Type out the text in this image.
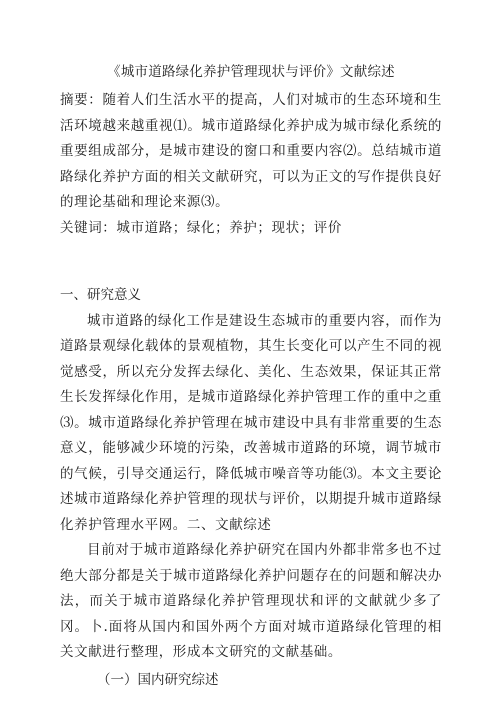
《城市道路绿化养护管理现状与评价》文献综述

摘要：随着人们生活水平的提高，人们对城市的生态环境和生活环境越来越重视⑴。城市道路绿化养护成为城市绿化系统的重要组成部分，是城市建设的窗口和重要内容⑵。总结城市道路绿化养护方面的相关文献研究，可以为正文的写作提供良好的理论基础和理论来源⑶。

关键词：城市道路；绿化；养护；现状；评价

一、研究意义

城市道路的绿化工作是建设生态城市的重要内容，而作为道路景观绿化载体的景观植物，其生长变化可以产生不同的视觉感受，所以充分发挥去绿化、美化、生态效果，保证其正常生长发挥绿化作用，是城市道路绿化养护管理工作的重中之重⑶。城市道路绿化养护管理在城市建设中具有非常重要的生态意义，能够减少环境的污染，改善城市道路的环境，调节城市的气候，引导交通运行，降低城市噪音等功能⑶。本文主要论述城市道路绿化养护管理的现状与评价，以期提升城市道路绿化养护管理水平网。二、文献综述

目前对于城市道路绿化养护研究在国内外都非常多也不过绝大部分都是关于城市道路绿化养护问题存在的问题和解决办法，而关于城市道路绿化养护管理现状和评的文献就少多了冈。卜.面将从国内和国外两个方面对城市道路绿化管理的相关文献进行整理，形成本文研究的文献基础。

（一）国内研究综述
